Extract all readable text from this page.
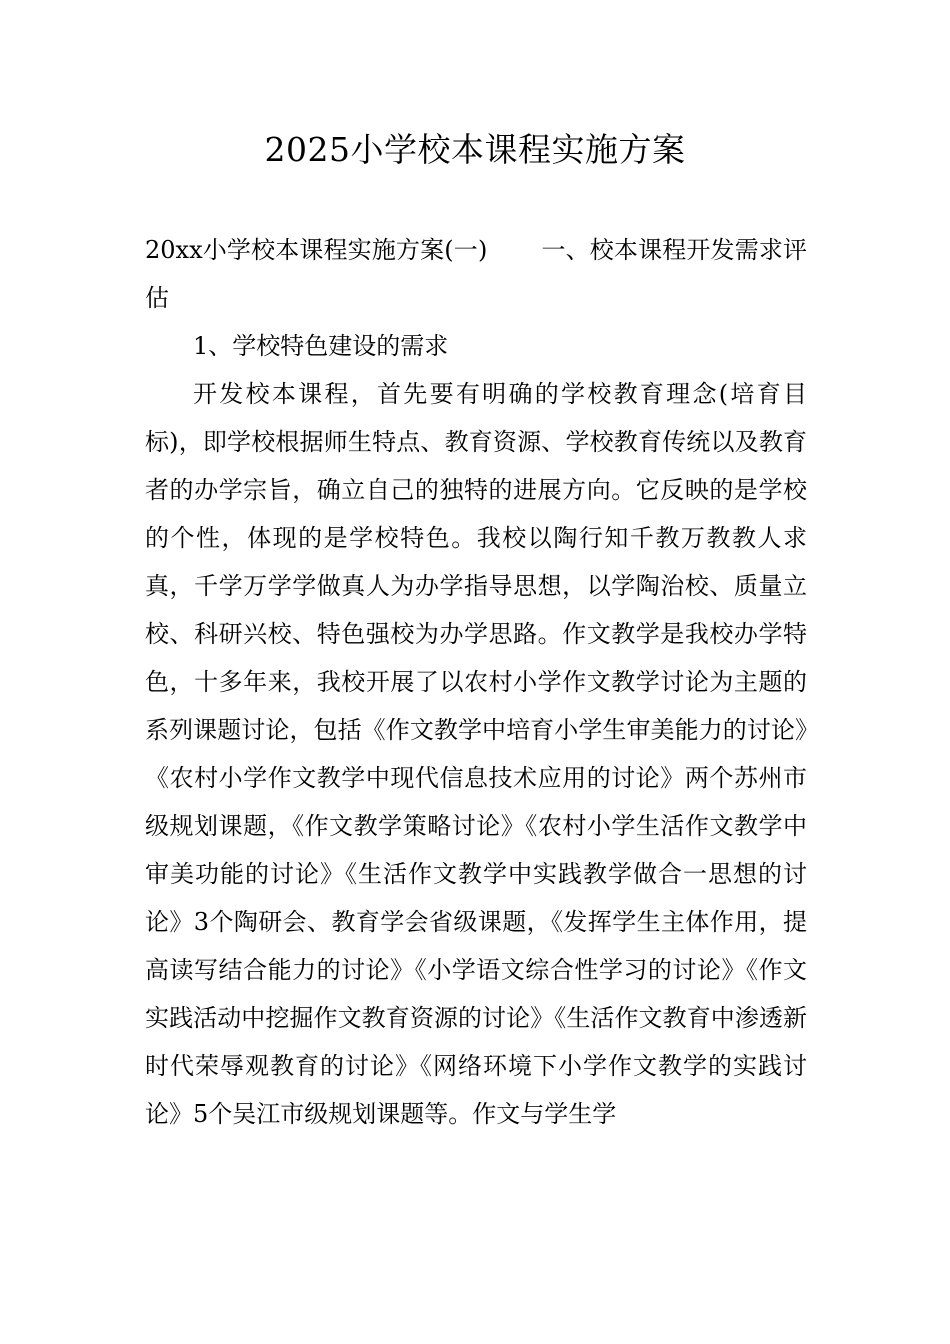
2025小学校本课程实施方案

20xx小学校本课程实施方案(一) 一、校本课程开发需求评估

1、学校特色建设的需求

开发校本课程，首先要有明确的学校教育理念(培育目标)，即学校根据师生特点、教育资源、学校教育传统以及教育者的办学宗旨，确立自己的独特的进展方向。它反映的是学校的个性，体现的是学校特色。我校以陶行知千教万教教人求真，千学万学学做真人为办学指导思想，以学陶治校、质量立校、科研兴校、特色强校为办学思路。作文教学是我校办学特色，十多年来，我校开展了以农村小学作文教学讨论为主题的系列课题讨论，包括《作文教学中培育小学生审美能力的讨论》《农村小学作文教学中现代信息技术应用的讨论》两个苏州市级规划课题，《作文教学策略讨论》《农村小学生活作文教学中审美功能的讨论》《生活作文教学中实践教学做合一思想的讨论》3个陶研会、教育学会省级课题，《发挥学生主体作用，提高读写结合能力的讨论》《小学语文综合性学习的讨论》《作文实践活动中挖掘作文教育资源的讨论》《生活作文教育中渗透新时代荣辱观教育的讨论》《网络环境下小学作文教学的实践讨论》5个吴江市级规划课题等。作文与学生学
